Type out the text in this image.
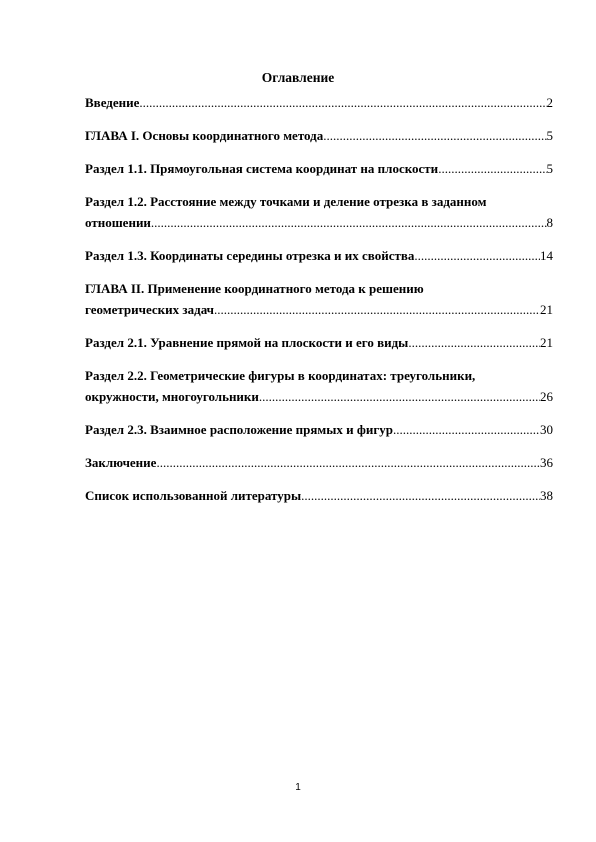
Оглавление
Введение .....	2
ГЛАВА I. Основы координатного метода .....	5
Раздел 1.1. Прямоугольная система координат на плоскости .....	5
Раздел 1.2. Расстояние между точками и деление отрезка в заданном
отношении .....	8
Раздел 1.3. Координаты середины отрезка и их свойства .....	14
ГЛАВА II. Применение координатного метода к решению
геометрических задач .....	21
Раздел 2.1. Уравнение прямой на плоскости и его виды .....	21
Раздел 2.2. Геометрические фигуры в координатах: треугольники,
окружности, многоугольники .....	26
Раздел 2.3. Взаимное расположение прямых и фигур .....	30
Заключение .....	36
Список использованной литературы .....	38
1
